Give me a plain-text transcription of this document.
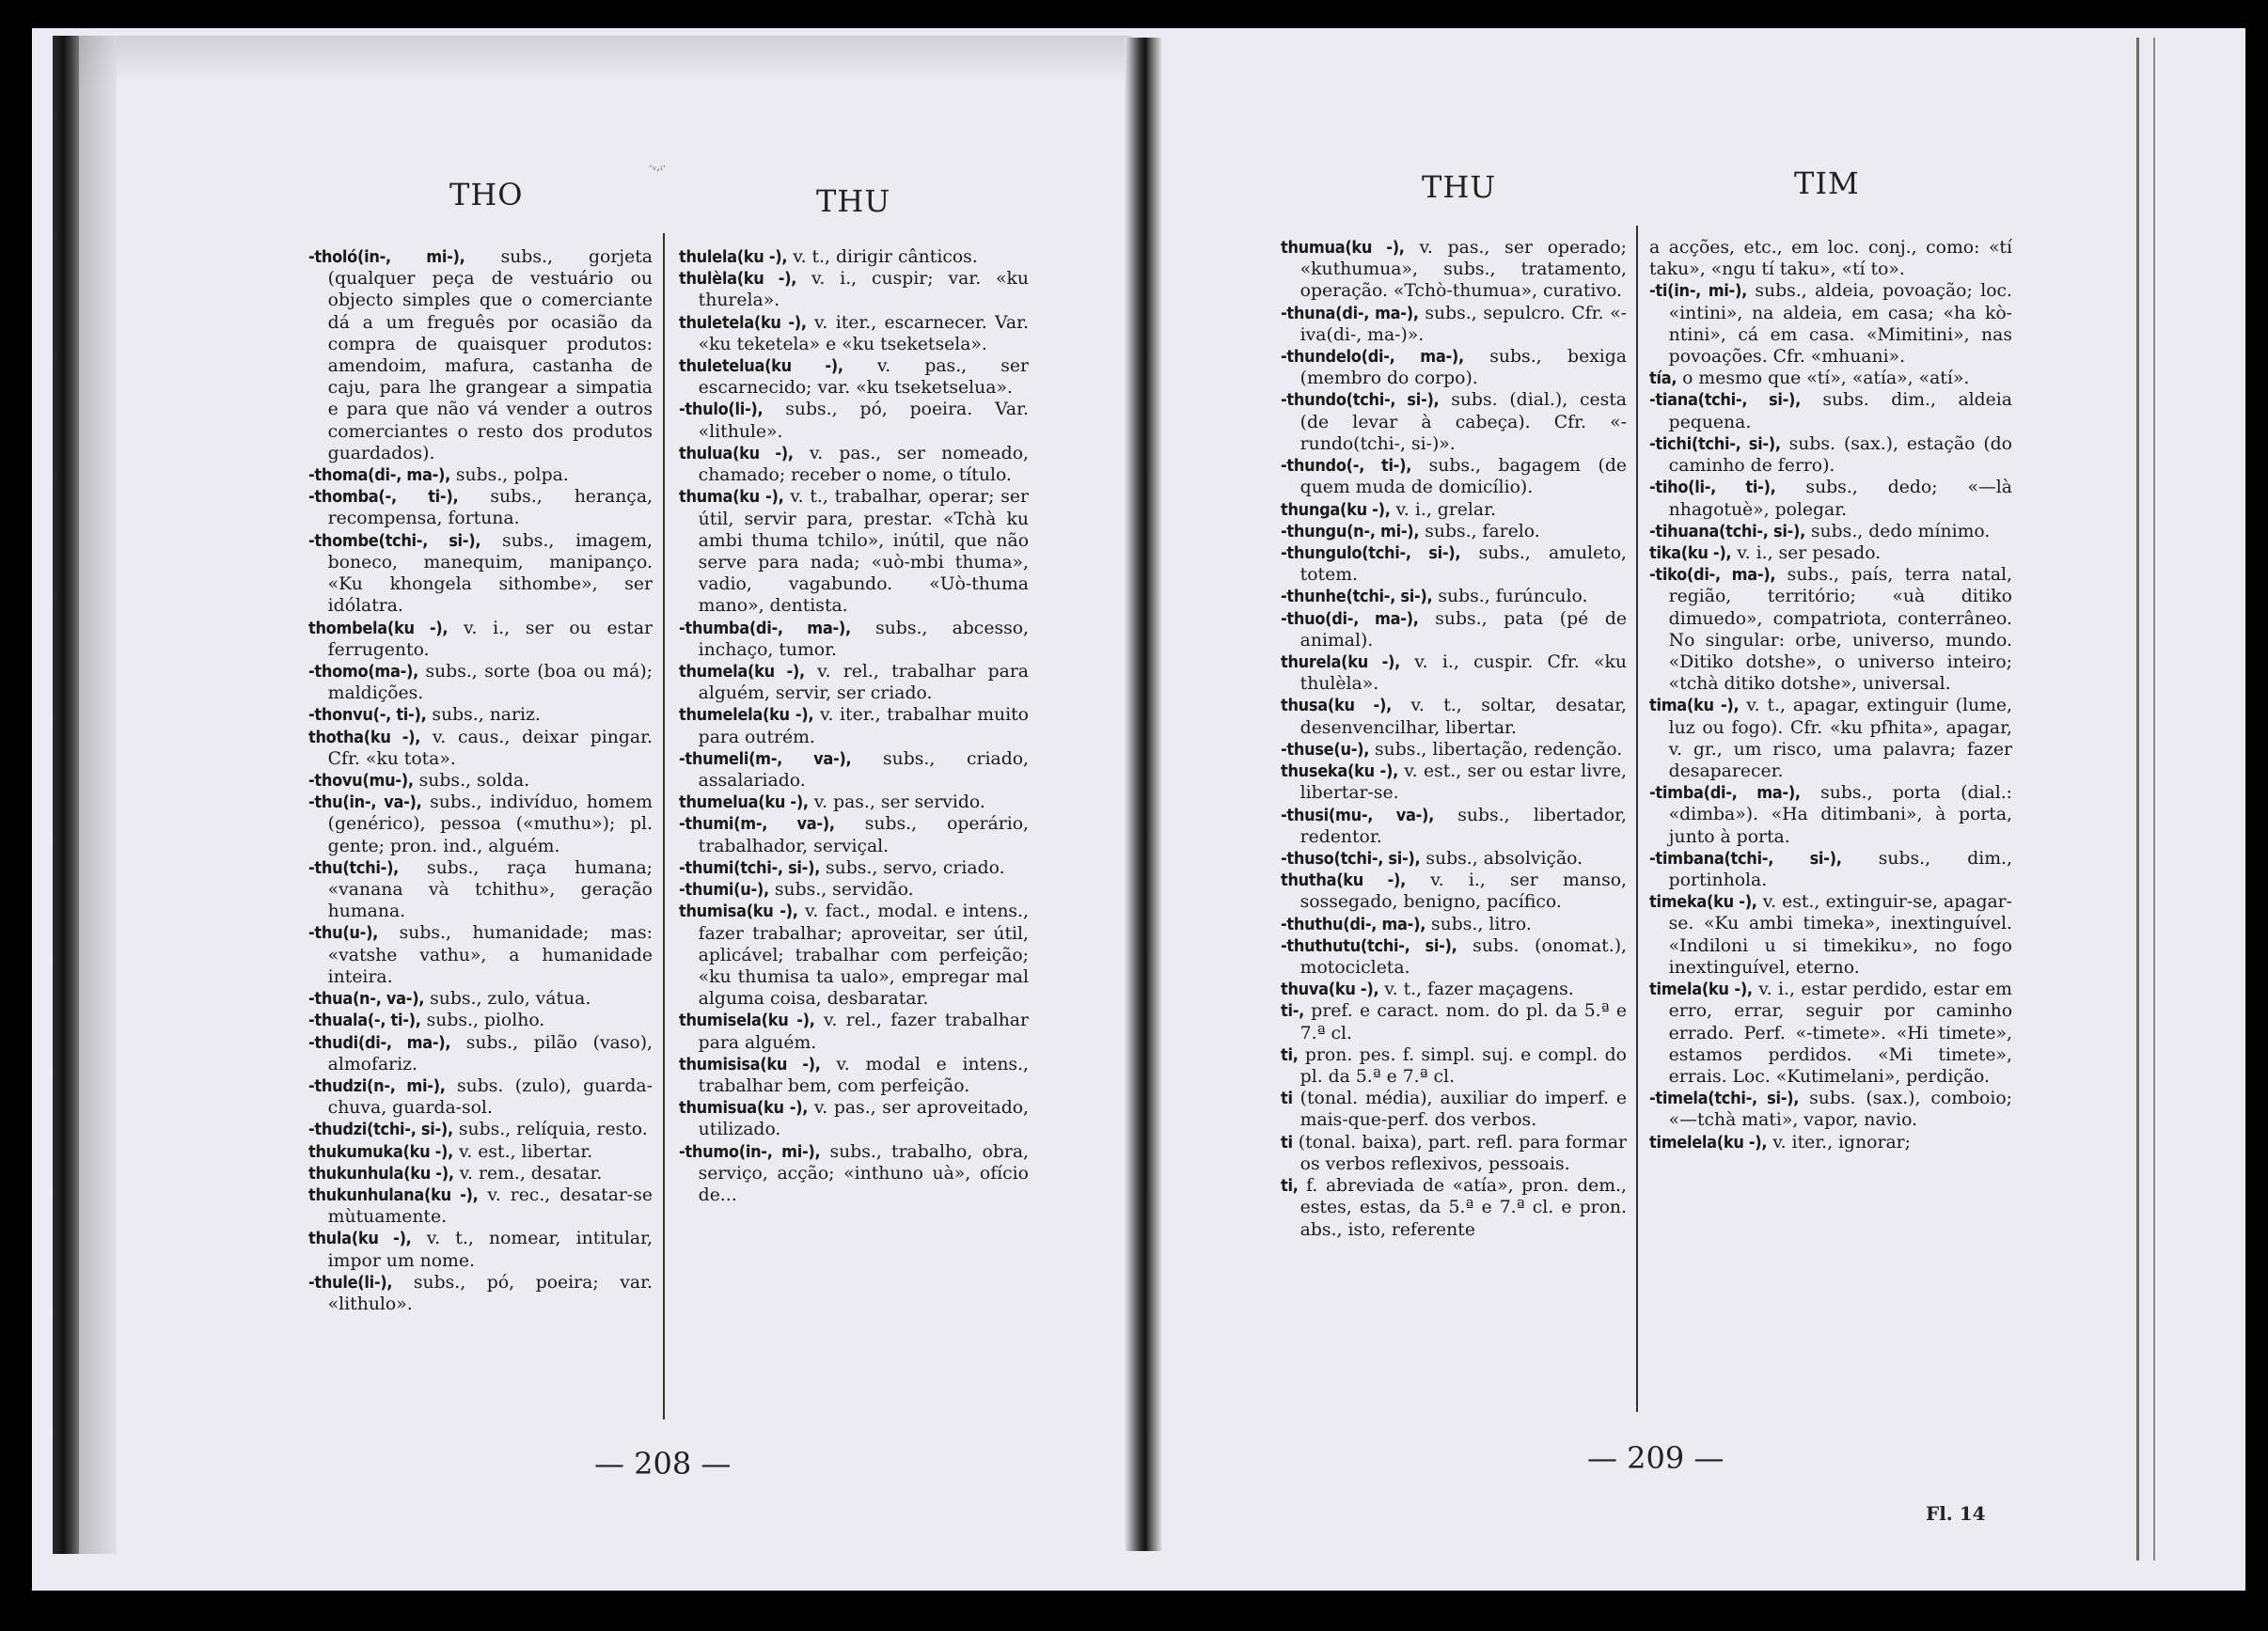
THO	THU
·ᵥ,ᵢ·
THU	TIM

-tholó(in-, mi-), subs., gorjeta (qualquer peça de vestuário ou objecto simples que o comerciante dá a um freguês por ocasião da compra de quaisquer produtos: amendoim, mafura, castanha de caju, para lhe grangear a simpatia e para que não vá vender a outros comerciantes o resto dos produtos guardados).

-thoma(di-, ma-), subs., polpa.

-thomba(-, ti-), subs., herança, recompensa, fortuna.

-thombe(tchi-, si-), subs., imagem, boneco, manequim, manipanço. «Ku khongela sithombe», ser idólatra.

thombela(ku -), v. i., ser ou estar ferrugento.

-thomo(ma-), subs., sorte (boa ou má); maldições.

-thonvu(-, ti-), subs., nariz.

thotha(ku -), v. caus., deixar pingar. Cfr. «ku tota».

-thovu(mu-), subs., solda.

-thu(in-, va-), subs., indivíduo, homem (genérico), pessoa («muthu»); pl. gente; pron. ind., alguém.

-thu(tchi-), subs., raça humana; «vanana và tchithu», geração humana.

-thu(u-), subs., humanidade; mas: «vatshe vathu», a humanidade inteira.

-thua(n-, va-), subs., zulo, vátua.

-thuala(-, ti-), subs., piolho.

-thudi(di-, ma-), subs., pilão (vaso), almofariz.

-thudzi(n-, mi-), subs. (zulo), guarda-chuva, guarda-sol.

-thudzi(tchi-, si-), subs., relíquia, resto.

thukumuka(ku -), v. est., libertar.

thukunhula(ku -), v. rem., desatar.

thukunhulana(ku -), v. rec., desatar-se mùtuamente.

thula(ku -), v. t., nomear, intitular, impor um nome.

-thule(li-), subs., pó, poeira; var. «lithulo».

thulela(ku -), v. t., dirigir cânticos.

thulèla(ku -), v. i., cuspir; var. «ku thurela».

thuletela(ku -), v. iter., escarnecer. Var. «ku teketela» e «ku tseketsela».

thuletelua(ku -), v. pas., ser escarnecido; var. «ku tseketselua».

-thulo(li-), subs., pó, poeira. Var. «lithule».

thulua(ku -), v. pas., ser nomeado, chamado; receber o nome, o título.

thuma(ku -), v. t., trabalhar, operar; ser útil, servir para, prestar. «Tchà ku ambi thuma tchilo», inútil, que não serve para nada; «uò-mbi thuma», vadio, vagabundo. «Uò-thuma mano», dentista.

-thumba(di-, ma-), subs., abcesso, inchaço, tumor.

thumela(ku -), v. rel., trabalhar para alguém, servir, ser criado.

thumelela(ku -), v. iter., trabalhar muito para outrém.

-thumeli(m-, va-), subs., criado, assalariado.

thumelua(ku -), v. pas., ser servido.

-thumi(m-, va-), subs., operário, trabalhador, serviçal.

-thumi(tchi-, si-), subs., servo, criado.

-thumi(u-), subs., servidão.

thumisa(ku -), v. fact., modal. e intens., fazer trabalhar; aproveitar, ser útil, aplicável; trabalhar com perfeição; «ku thumisa ta ualo», empregar mal alguma coisa, desbaratar.

thumisela(ku -), v. rel., fazer trabalhar para alguém.

thumisisa(ku -), v. modal e intens., trabalhar bem, com perfeição.

thumisua(ku -), v. pas., ser aproveitado, utilizado.

-thumo(in-, mi-), subs., trabalho, obra, serviço, acção; «inthuno uà», ofício de...

thumua(ku -), v. pas., ser operado; «kuthumua», subs., tratamento, operação. «Tchò-thumua», curativo.

-thuna(di-, ma-), subs., sepulcro. Cfr. «-iva(di-, ma-)».

-thundelo(di-, ma-), subs., bexiga (membro do corpo).

-thundo(tchi-, si-), subs. (dial.), cesta (de levar à cabeça). Cfr. «-rundo(tchi-, si-)».

-thundo(-, ti-), subs., bagagem (de quem muda de domicílio).

thunga(ku -), v. i., grelar.

-thungu(n-, mi-), subs., farelo.

-thungulo(tchi-, si-), subs., amuleto, totem.

-thunhe(tchi-, si-), subs., furúnculo.

-thuo(di-, ma-), subs., pata (pé de animal).

thurela(ku -), v. i., cuspir. Cfr. «ku thulèla».

thusa(ku -), v. t., soltar, desatar, desenvencilhar, libertar.

-thuse(u-), subs., libertação, redenção.

thuseka(ku -), v. est., ser ou estar livre, libertar-se.

-thusi(mu-, va-), subs., libertador, redentor.

-thuso(tchi-, si-), subs., absolvição.

thutha(ku -), v. i., ser manso, sossegado, benigno, pacífico.

-thuthu(di-, ma-), subs., litro.

-thuthutu(tchi-, si-), subs. (onomat.), motocicleta.

thuva(ku -), v. t., fazer maçagens.

ti-, pref. e caract. nom. do pl. da 5.ª e 7.ª cl.

ti, pron. pes. f. simpl. suj. e compl. do pl. da 5.ª e 7.ª cl.

ti (tonal. média), auxiliar do imperf. e mais-que-perf. dos verbos.

ti (tonal. baixa), part. refl. para formar os verbos reflexivos, pessoais.

ti, f. abreviada de «atía», pron. dem., estes, estas, da 5.ª e 7.ª cl. e pron. abs., isto, referente

a acções, etc., em loc. conj., como: «tí taku», «ngu tí taku», «tí to».

-ti(in-, mi-), subs., aldeia, povoação; loc. «intini», na aldeia, em casa; «ha kò-ntini», cá em casa. «Mimitini», nas povoações. Cfr. «mhuani».

tía, o mesmo que «tí», «atía», «atí».

-tiana(tchi-, si-), subs. dim., aldeia pequena.

-tichi(tchi-, si-), subs. (sax.), estação (do caminho de ferro).

-tiho(li-, ti-), subs., dedo; «—là nhagotuè», polegar.

-tihuana(tchi-, si-), subs., dedo mínimo.

tika(ku -), v. i., ser pesado.

-tiko(di-, ma-), subs., país, terra natal, região, território; «uà ditiko dimuedo», compatriota, conterrâneo. No singular: orbe, universo, mundo. «Ditiko dotshe», o universo inteiro; «tchà ditiko dotshe», universal.

tima(ku -), v. t., apagar, extinguir (lume, luz ou fogo). Cfr. «ku pfhita», apagar, v. gr., um risco, uma palavra; fazer desaparecer.

-timba(di-, ma-), subs., porta (dial.: «dimba»). «Ha ditimbani», à porta, junto à porta.

-timbana(tchi-, si-), subs., dim., portinhola.

timeka(ku -), v. est., extinguir-se, apagar-se. «Ku ambi timeka», inextinguível. «Indiloni u si timekiku», no fogo inextinguível, eterno.

timela(ku -), v. i., estar perdido, estar em erro, errar, seguir por caminho errado. Perf. «-timete». «Hi timete», estamos perdidos. «Mi timete», errais. Loc. «Kutimelani», perdição.

-timela(tchi-, si-), subs. (sax.), comboio; «—tchà mati», vapor, navio.

timelela(ku -), v. iter., ignorar;

— 208 —	— 209 —
Fl. 14
